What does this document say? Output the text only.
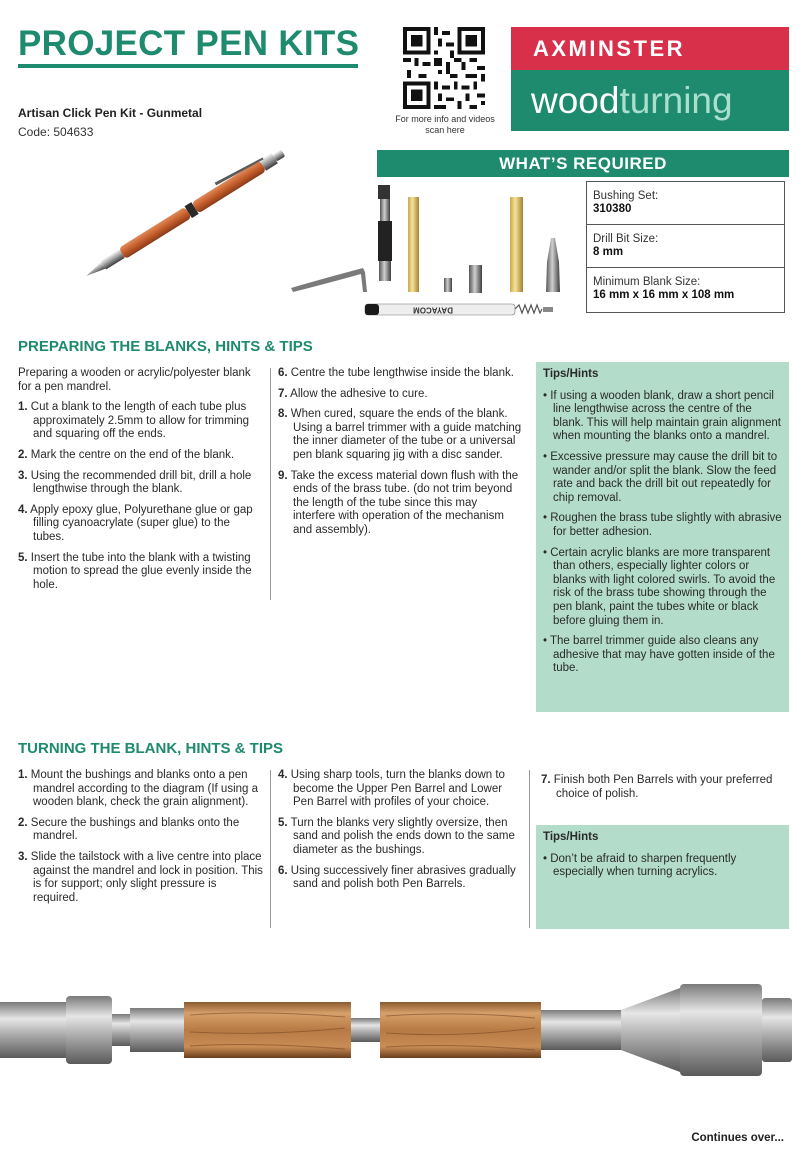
PROJECT PEN KITS
Artisan Click Pen Kit - Gunmetal
Code: 504633
For more info and videos scan here
AXMINSTER
wood turning
DAYACOM
WHAT’S REQUIRED
Bushing Set:
310380
Drill Bit Size:
8 mm
Minimum Blank Size:
16 mm x 16 mm x 108 mm
PREPARING THE BLANKS, HINTS & TIPS

Preparing a wooden or acrylic/polyester blank for a pen mandrel.

1. Cut a blank to the length of each tube plus approximately 2.5mm to allow for trimming and squaring off the ends.
2. Mark the centre on the end of the blank.
3. Using the recommended drill bit, drill a hole lengthwise through the blank.
4. Apply epoxy glue, Polyurethane glue or gap filling cyanoacrylate (super glue) to the tubes.
5. Insert the tube into the blank with a twisting motion to spread the glue evenly inside the hole.
6. Centre the tube lengthwise inside the blank.
7. Allow the adhesive to cure.
8. When cured, square the ends of the blank. Using a barrel trimmer with a guide matching the inner diameter of the tube or a universal pen blank squaring jig with a disc sander.
9. Take the excess material down flush with the ends of the brass tube. (do not trim beyond the length of the tube since this may interfere with operation of the mechanism and assembly).
Tips/Hints
• If using a wooden blank, draw a short pencil line lengthwise across the centre of the blank. This will help maintain grain alignment when mounting the blanks onto a mandrel.
• Excessive pressure may cause the drill bit to wander and/or split the blank. Slow the feed rate and back the drill bit out repeatedly for chip removal.
• Roughen the brass tube slightly with abrasive for better adhesion.
• Certain acrylic blanks are more transparent than others, especially lighter colors or blanks with light colored swirls. To avoid the risk of the brass tube showing through the pen blank, paint the tubes white or black before gluing them in.
• The barrel trimmer guide also cleans any adhesive that may have gotten inside of the tube.
TURNING THE BLANK, HINTS & TIPS
1. Mount the bushings and blanks onto a pen mandrel according to the diagram (If using a wooden blank, check the grain alignment).
2. Secure the bushings and blanks onto the mandrel.
3. Slide the tailstock with a live centre into place against the mandrel and lock in position. This is for support; only slight pressure is required.
4. Using sharp tools, turn the blanks down to become the Upper Pen Barrel and Lower Pen Barrel with profiles of your choice.
5. Turn the blanks very slightly oversize, then sand and polish the ends down to the same diameter as the bushings.
6. Using successively finer abrasives gradually sand and polish both Pen Barrels.
7. Finish both Pen Barrels with your preferred choice of polish.
Tips/Hints
• Don’t be afraid to sharpen frequently especially when turning acrylics.
Continues over...
